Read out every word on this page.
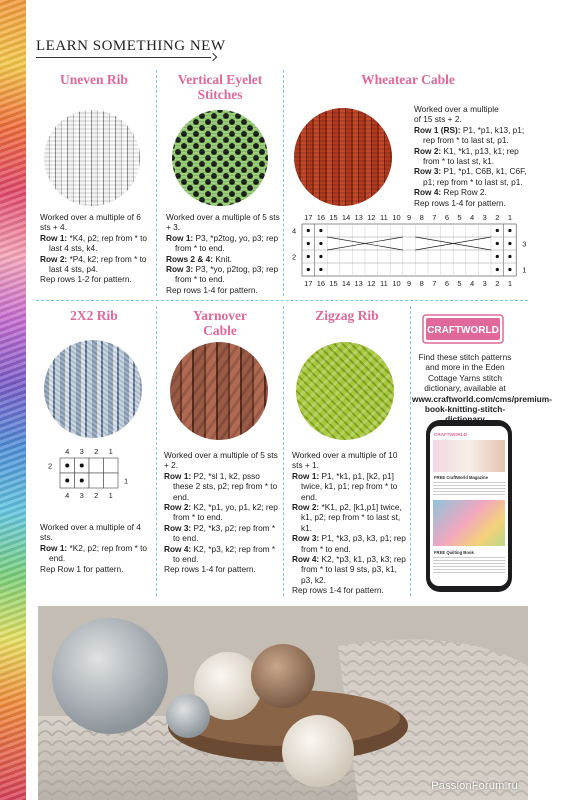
LEARN SOMETHING NEW
Uneven Rib
Worked over a multiple of 6 sts + 4.
Row 1: *K4, p2; rep from * to last 4 sts, k4.
Row 2: *P4, k2; rep from * to last 4 sts, p4.
Rep rows 1-2 for pattern.
Vertical Eyelet
Stitches
Worked over a multiple of 5 sts + 3.
Row 1: P3, *p2tog, yo, p3; rep from * to end.
Rows 2 & 4: Knit.
Row 3: P3, *yo, p2tog, p3; rep from * to end.
Rep rows 1-4 for pattern.
Wheatear Cable
Worked over a multiple
of 15 sts + 2.
Row 1 (RS): P1, *p1, k13, p1; rep from * to last st, p1.
Row 2: K1, *k1, p13, k1; rep from * to last st, k1.
Row 3: P1, *p1, C6B, k1, C6F, p1; rep from * to last st, p1.
Row 4: Rep Row 2.
Rep rows 1-4 for pattern.
17
17
16
16
15
15
14
14
13
13
12
12
11
11
10
10
9
9
8
8
7
7
6
6
5
5
4
4
3
3
2
2
1
1
4
2
3
1
2X2 Rib
4
4
3
3
2
2
1
1
2
1
Worked over a multiple of 4 sts.
Row 1: *K2, p2; rep from * to end.
Rep Row 1 for pattern.
Yarnover
Cable
Worked over a multiple of 5 sts + 2.
Row 1: P2, *sl 1, k2, psso these 2 sts, p2; rep from * to end.
Row 2: K2, *p1, yo, p1, k2; rep from * to end.
Row 3: P2, *k3, p2; rep from * to end.
Row 4: K2, *p3, k2; rep from * to end.
Rep rows 1-4 for pattern.
Zigzag Rib
Worked over a multiple of 10 sts + 1.
Row 1: P1, *k1, p1, [k2, p1] twice, k1, p1; rep from * to end.
Row 2: *K1, p2, [k1,p1] twice, k1, p2; rep from * to last st, k1.
Row 3: P1, *k3, p3, k3, p1; rep from * to end.
Row 4: K2, *p3, k1, p3, k3; rep from * to last 9 sts, p3, k1, p3, k2.
Rep rows 1-4 for pattern.
CRAFTWORLD
Find these stitch patterns and more in the Eden Cottage Yarns stitch dictionary, available at www.craftworld.com/cms/premium-book-knitting-stitch-
CRAFTWORLD
FREE CraftWorld Magazine
FREE Quilting Book
PassionForum.ru
